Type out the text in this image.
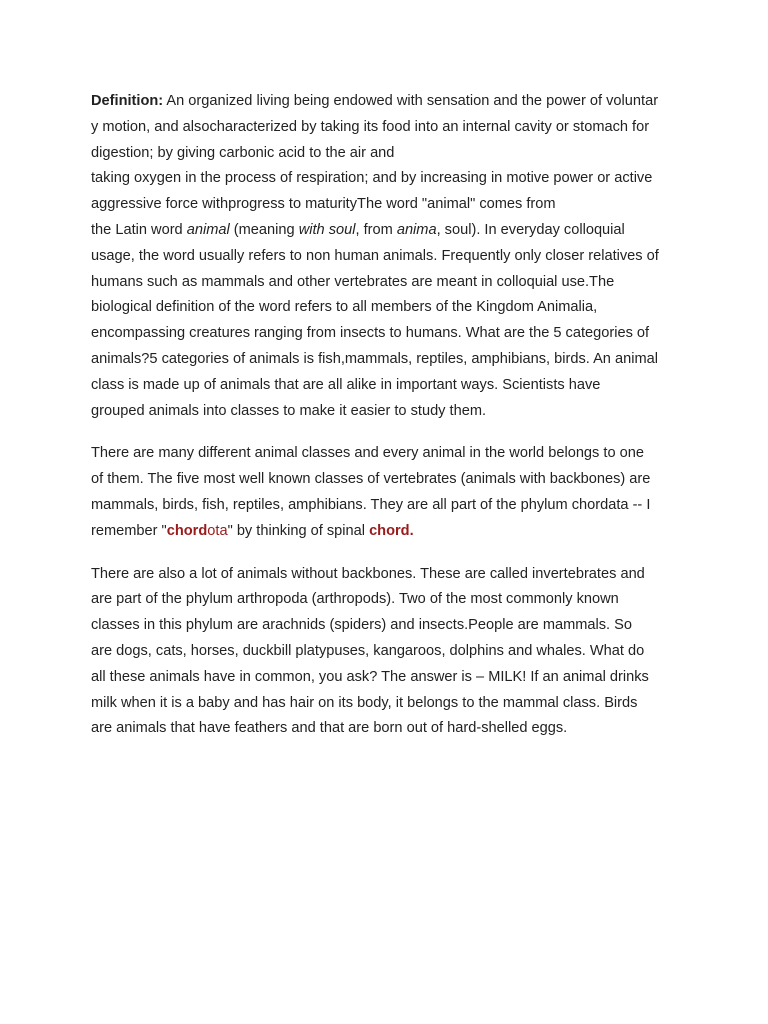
Definition: An organized living being endowed with sensation and the power of voluntar
y motion, and alsocharacterized by taking its food into an internal cavity or stomach for
digestion; by giving carbonic acid to the air and
taking oxygen in the process of respiration; and by increasing in motive power or active
aggressive force withprogress to maturityThe word "animal" comes from
the Latin word animal (meaning with soul, from anima, soul). In everyday colloquial
usage, the word usually refers to non human animals. Frequently only closer relatives of
humans such as mammals and other vertebrates are meant in colloquial use.The
biological definition of the word refers to all members of the Kingdom Animalia,
encompassing creatures ranging from insects to humans. What are the 5 categories of
animals?5 categories of animals is fish,mammals, reptiles, amphibians, birds. An animal
class is made up of animals that are all alike in important ways. Scientists have
grouped animals into classes to make it easier to study them.
There are many different animal classes and every animal in the world belongs to one
of them. The five most well known classes of vertebrates (animals with backbones) are
mammals, birds, fish, reptiles, amphibians. They are all part of the phylum chordata -- I
remember "chordota" by thinking of spinal chord.
There are also a lot of animals without backbones. These are called invertebrates and
are part of the phylum arthropoda (arthropods). Two of the most commonly known
classes in this phylum are arachnids (spiders) and insects.People are mammals. So
are dogs, cats, horses, duckbill platypuses, kangaroos, dolphins and whales. What do
all these animals have in common, you ask? The answer is – MILK! If an animal drinks
milk when it is a baby and has hair on its body, it belongs to the mammal class. Birds
are animals that have feathers and that are born out of hard-shelled eggs.
